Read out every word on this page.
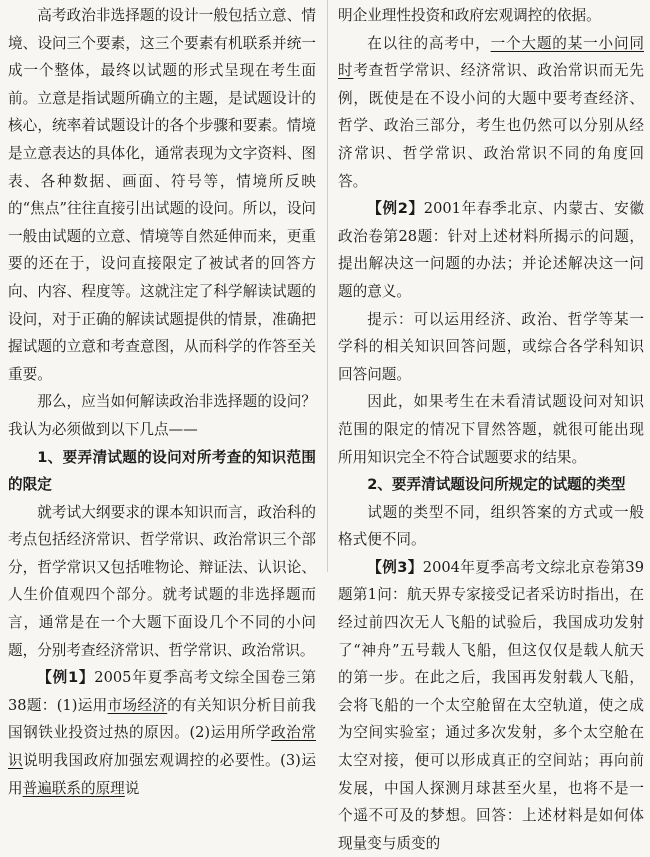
高考政治非选择题的设计一般包括立意、情境、设问三个要素，这三个要素有机联系并统一成一个整体，最终以试题的形式呈现在考生面前。立意是指试题所确立的主题，是试题设计的核心，统率着试题设计的各个步骤和要素。情境是立意表达的具体化，通常表现为文字资料、图表、各种数据、画面、符号等，情境所反映的“焦点”往往直接引出试题的设问。所以，设问一般由试题的立意、情境等自然延伸而来，更重要的还在于，设问直接限定了被试者的回答方向、内容、程度等。这就注定了科学解读试题的设问，对于正确的解读试题提供的情景，准确把握试题的立意和考查意图，从而科学的作答至关重要。

那么，应当如何解读政治非选择题的设问？我认为必须做到以下几点——

1、要弄清试题的设问对所考查的知识范围的限定

就考试大纲要求的课本知识而言，政治科的考点包括经济常识、哲学常识、政治常识三个部分，哲学常识又包括唯物论、辩证法、认识论、人生价值观四个部分。就考试题的非选择题而言，通常是在一个大题下面设几个不同的小问题，分别考查经济常识、哲学常识、政治常识。

【例1】2005年夏季高考文综全国卷三第38题：(1)运用市场经济的有关知识分析目前我国钢铁业投资过热的原因。(2)运用所学政治常识说明我国政府加强宏观调控的必要性。(3)运用普遍联系的原理说

明企业理性投资和政府宏观调控的依据。

在以往的高考中，一个大题的某一小问同时考查哲学常识、经济常识、政治常识而无先例，既使是在不设小问的大题中要考查经济、哲学、政治三部分，考生也仍然可以分别从经济常识、哲学常识、政治常识不同的角度回答。

【例2】2001年春季北京、内蒙古、安徽政治卷第28题：针对上述材料所揭示的问题，提出解决这一问题的办法；并论述解决这一问题的意义。

提示：可以运用经济、政治、哲学等某一学科的相关知识回答问题，或综合各学科知识回答问题。

因此，如果考生在未看清试题设问对知识范围的限定的情况下冒然答题，就很可能出现所用知识完全不符合试题要求的结果。

2、要弄清试题设问所规定的试题的类型

试题的类型不同，组织答案的方式或一般格式便不同。

【例3】2004年夏季高考文综北京卷第39题第1问：航天界专家接受记者采访时指出，在经过前四次无人飞船的试验后，我国成功发射了“神舟”五号载人飞船，但这仅仅是载人航天的第一步。在此之后，我国再发射载人飞船，会将飞船的一个太空舱留在太空轨道，使之成为空间实验室；通过多次发射，多个太空舱在太空对接，便可以形成真正的空间站；再向前发展，中国人探测月球甚至火星，也将不是一个遥不可及的梦想。回答：上述材料是如何体现量变与质变的
